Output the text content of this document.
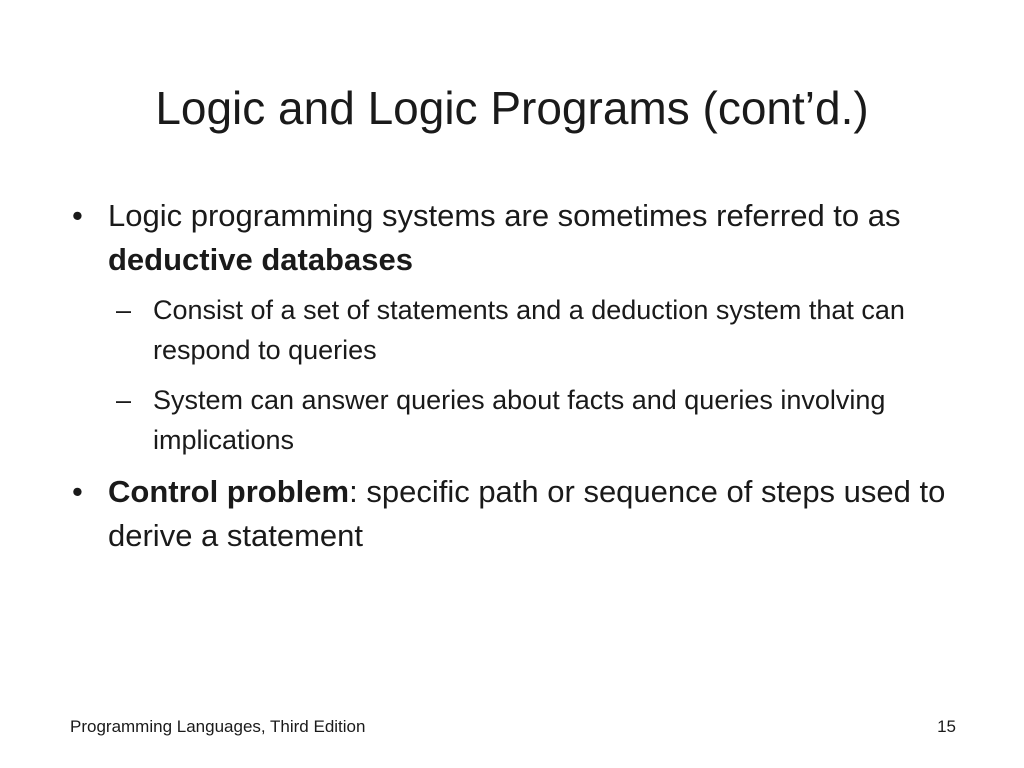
Logic and Logic Programs (cont’d.)
• Logic programming systems are sometimes referred to as deductive databases
– Consist of a set of statements and a deduction system that can respond to queries
– System can answer queries about facts and queries involving implications
• Control problem: specific path or sequence of steps used to derive a statement
Programming Languages, Third Edition	15
